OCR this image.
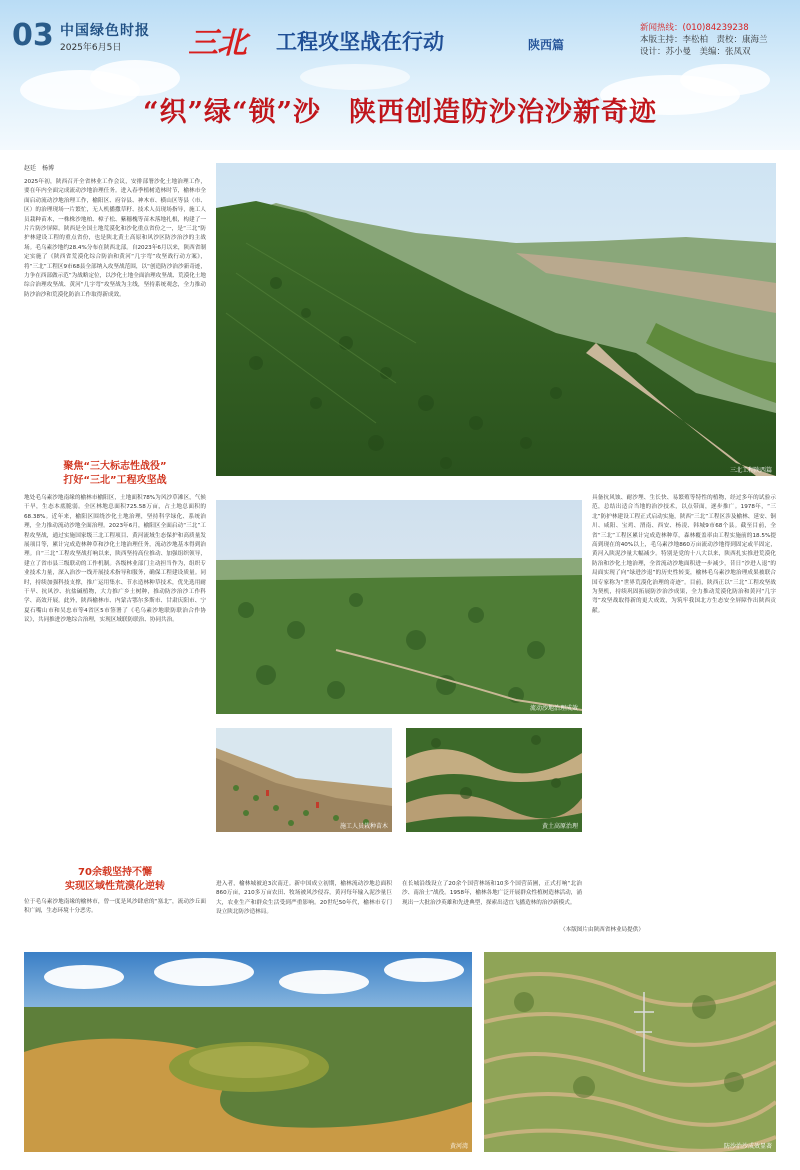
03 中国绿色时报
2025年6月5日 三北 工程攻坚战在行动	陕西篇
新闻热线：(010)84239238
本版主持：李松柏　责校：康海兰
设计：苏小曼　美编：张凤双
“织”绿“锁”沙　陕西创造防沙治沙新奇迹
赵廷　杨博
2025年初，陕西召开全省林业工作会议，安排部署沙化土地治理工作，要在年内全面完成流动沙地治理任务。进入春季植树造林时节，榆林市全面启动流动沙地治理工作，榆阳区、府谷县、神木市、横山区等县（市、区）的治理现场一片繁忙，无人机播撒草籽、技术人员现场指导，施工人员栽种苗木，一株株沙地柏、樟子松、紫穗槐等苗木落地扎根，构建了一片片防沙屏障。陕西是全国土地荒漠化和沙化重点省份之一，是“三北”防护林建设工程的重点省份，也是陕北黄土高原和风沙区防沙治沙的主战场。毛乌素沙地约28.4%分布在陕西北部。自2023年6月以来，陕西省制定实施了《陕西省荒漠化综合防治和黄河“几字弯”攻坚战行动方案》，将“三北”工程区9市68县全部纳入攻坚战范围，以“创造防沙治沙新奇迹，力争在西部做示范”为战略定位，以沙化土地全面治理攻坚战、荒漠化土地综合治理攻坚战、黄河“几字弯”攻坚战为主线，坚持系统观念，全力推动防沙治沙和荒漠化防治工作取得新成效。
聚焦“三大标志性战役”
打好“三北”工程攻坚战
地处毛乌素沙地南缘的榆林市榆阳区，土地面积78%为风沙草滩区，气候干旱，生态本底脆弱。全区林地总面积725.58万亩，占土地总面积的68.38%。近年来，榆阳区围绕沙化土地治理，坚持科学绿化、系统治理，全力推动流动沙地全面治理。2023年6月，榆阳区全面启动“三北”工程攻坚战，通过实施国家级三北工程项目、黄河流域生态保护和高质量发展项目等，累计完成造林种草和沙化土地治理任务，流动沙地基本得到治理。自“三北”工程攻坚战打响以来，陕西坚持高位推动、加强组织领导，建立了省市县三级联动的工作机制。各级林业部门主动担当作为，组织专业技术力量，深入治沙一线开展技术指导和服务，确保工程建设质量。同时，持续加强科技支撑，推广运用集水、节水造林种草技术，优先选用耐干旱、抗风沙、抗盐碱植物，大力推广乡土树种，推动防沙治沙工作科学、高效开展。此外，陕西榆林市、内蒙古鄂尔多斯市、甘肃庆阳市、宁夏石嘴山市和吴忠市等4省区5市签署了《毛乌素沙地联防联治合作协议》，共同推进沙地综合治理，实现区域联防联治、协同共治。
70余载坚持不懈
实现区域性荒漠化逆转
位于毛乌素沙地南缘的榆林市，曾一度是风沙肆虐的“塞北”，流动沙丘面积广阔，生态环境十分恶劣。
进入者，榆林城被迫3次南迁。新中国成立初期，榆林流动沙地总面积860万亩，210多万亩农田、牧场被风沙侵吞，黄河每年输入泥沙量巨大，农业生产和群众生活受到严重影响。20世纪50年代，榆林市专门设立陕北防沙造林局。
在长城沿线设立了20余个国营林场和10多个国营苗圃，正式打响“北治沙、南治土”战役。1958年，榆林各地广泛开展群众性植树造林活动，涌现出一大批治沙英雄和先进典型，探索出适宜飞播造林的治沙新模式。
具备抗风蚀、耐沙埋、生长快、易繁殖等特性的植物，经过多年的试验示范，总结出适合当地的治沙技术，以点带面，逐步推广。1978年，“三北”防护林建设工程正式启动实施，陕西“三北”工程区涉及榆林、延安、铜川、咸阳、宝鸡、渭南、西安、杨凌、韩城9市68个县。截至目前，全省“三北”工程区累计完成造林种草，森林覆盖率由工程实施前的18.5%提高到现在的40%以上，毛乌素沙地860万亩流动沙地得到固定或半固定，黄河入陕泥沙量大幅减少。特别是党的十八大以来，陕西扎实推进荒漠化防治和沙化土地治理，全省流动沙地面积进一步减少，昔日“沙进人退”的局面实现了向“绿进沙退”的历史性转变，榆林毛乌素沙地治理成果被联合国专家称为“世界荒漠化治理的奇迹”。目前，陕西正以“三北”工程攻坚战为契机，持续巩固拓展防沙治沙成果，全力推动荒漠化防治和黄河“几字弯”攻坚战取得新的更大成效，为筑牢我国北方生态安全屏障作出陕西贡献。
（本版图片由陕西省林业局提供）
三北工程陕西篇
流动沙地治理成效
施工人员栽种苗木	黄土高原治理
黄河湾	防沙治沙成效显著
